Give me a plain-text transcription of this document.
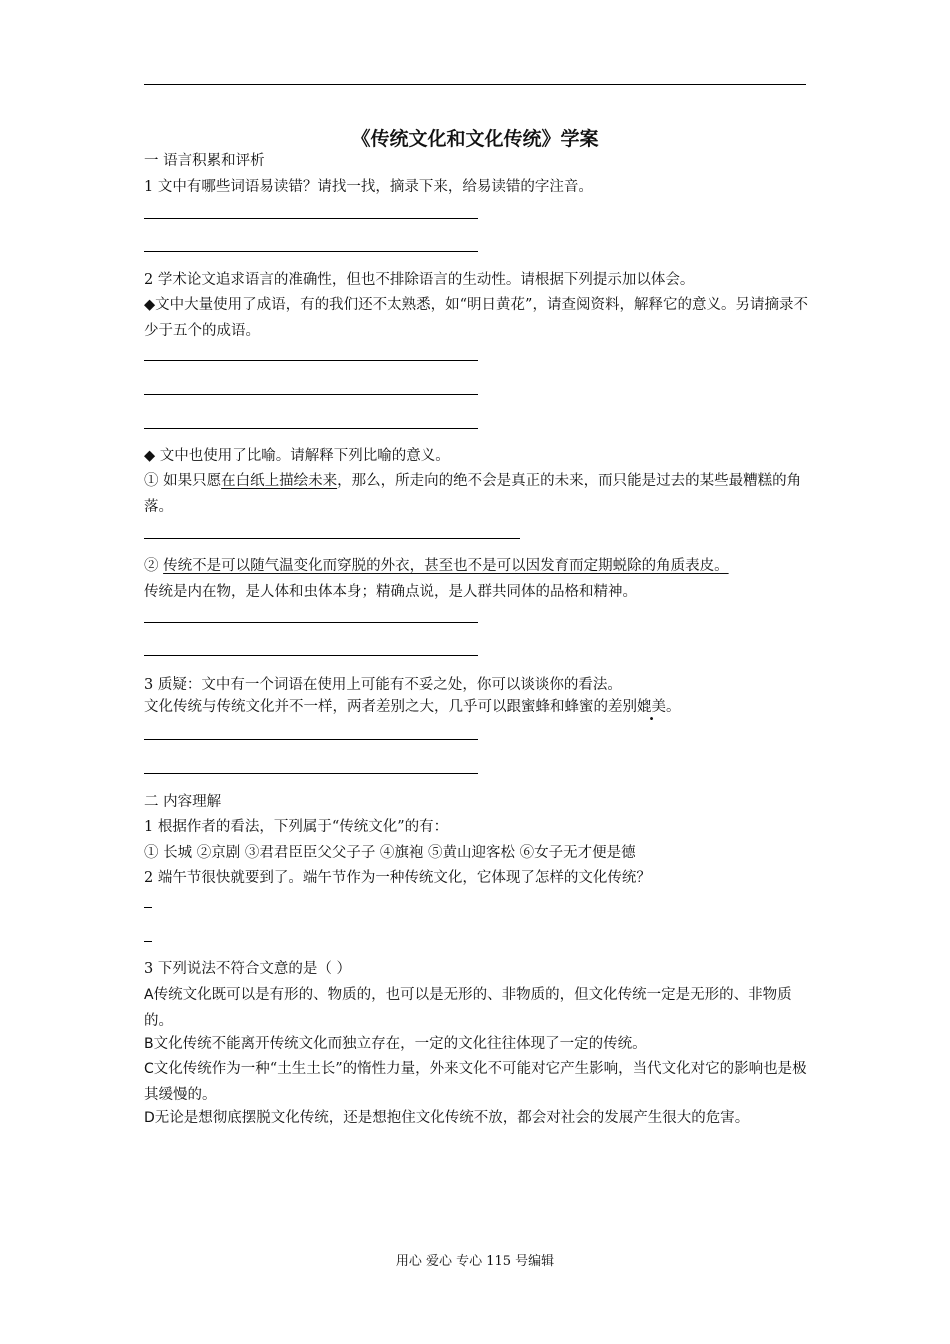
《传统文化和文化传统》学案
一 语言积累和评析
1 文中有哪些词语易读错？请找一找，摘录下来，给易读错的字注音。
2 学术论文追求语言的准确性，但也不排除语言的生动性。请根据下列提示加以体会。
◆文中大量使用了成语，有的我们还不太熟悉，如“明日黄花”，请查阅资料，解释它的意义。另请摘录不少于五个的成语。
◆ 文中也使用了比喻。请解释下列比喻的意义。
① 如果只愿在白纸上描绘未来，那么，所走向的绝不会是真正的未来，而只能是过去的某些最糟糕的角落。
② 传统不是可以随气温变化而穿脱的外衣，甚至也不是可以因发育而定期蜕除的角质表皮。
传统是内在物，是人体和虫体本身；精确点说，是人群共同体的品格和精神。
3 质疑：文中有一个词语在使用上可能有不妥之处，你可以谈谈你的看法。
文化传统与传统文化并不一样，两者差别之大，几乎可以跟蜜蜂和蜂蜜的差别媲美。
二 内容理解
1 根据作者的看法，下列属于“传统文化”的有：
① 长城 ②京剧 ③君君臣臣父父子子 ④旗袍 ⑤黄山迎客松 ⑥女子无才便是德
2 端午节很快就要到了。端午节作为一种传统文化，它体现了怎样的文化传统？
3 下列说法不符合文意的是（ ）
A传统文化既可以是有形的、物质的，也可以是无形的、非物质的，但文化传统一定是无形的、非物质的。
B文化传统不能离开传统文化而独立存在，一定的文化往往体现了一定的传统。
C文化传统作为一种“土生土长”的惰性力量，外来文化不可能对它产生影响，当代文化对它的影响也是极其缓慢的。
D无论是想彻底摆脱文化传统，还是想抱住文化传统不放，都会对社会的发展产生很大的危害。
用心 爱心 专心 115 号编辑
